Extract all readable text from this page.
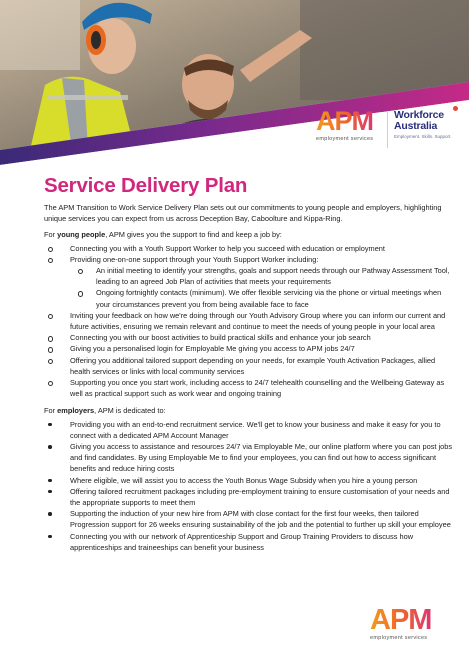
APM
employment services
Workforce
Australia
Employment. Skills. Support.
Service Delivery Plan

The APM Transition to Work Service Delivery Plan sets out our commitments to young people and employers, highlighting unique services you can expect from us across Deception Bay, Caboolture and Kippa-Ring.

For young people, APM gives you the support to find and keep a job by:

Connecting you with a Youth Support Worker to help you succeed with education or employment
Providing one-on-one support through your Youth Support Worker including:
An initial meeting to identify your strengths, goals and support needs through our Pathway Assessment Tool, leading to an agreed Job Plan of activities that meets your requirements
Ongoing fortnightly contacts (minimum). We offer flexible servicing via the phone or virtual meetings when your circumstances prevent you from being available face to face
Inviting your feedback on how we're doing through our Youth Advisory Group where you can inform our current and future activities, ensuring we remain relevant and continue to meet the needs of young people in your local area
Connecting you with our boost activities to build practical skills and enhance your job search
Giving you a personalised login for Employable Me giving you access to APM jobs 24/7
Offering you additional tailored support depending on your needs, for example Youth Activation Packages, allied health services or links with local community services
Supporting you once you start work, including access to 24/7 telehealth counselling and the Wellbeing Gateway as well as practical support such as work wear and ongoing training

For employers, APM is dedicated to:

Providing you with an end-to-end recruitment service. We'll get to know your business and make it easy for you to connect with a dedicated APM Account Manager
Giving you access to assistance and resources 24/7 via Employable Me, our online platform where you can post jobs and find candidates. By using Employable Me to find your employees, you can find out how to access significant benefits and reduce hiring costs
Where eligible, we will assist you to access the Youth Bonus Wage Subsidy when you hire a young person
Offering tailored recruitment packages including pre-employment training to ensure customisation of your needs and the appropriate supports to meet them
Supporting the induction of your new hire from APM with close contact for the first four weeks, then tailored Progression support for 26 weeks ensuring sustainability of the job and the potential to further up skill your employee
Connecting you with our network of Apprenticeship Support and Group Training Providers to discuss how apprenticeships and traineeships can benefit your business
APM
employment services
